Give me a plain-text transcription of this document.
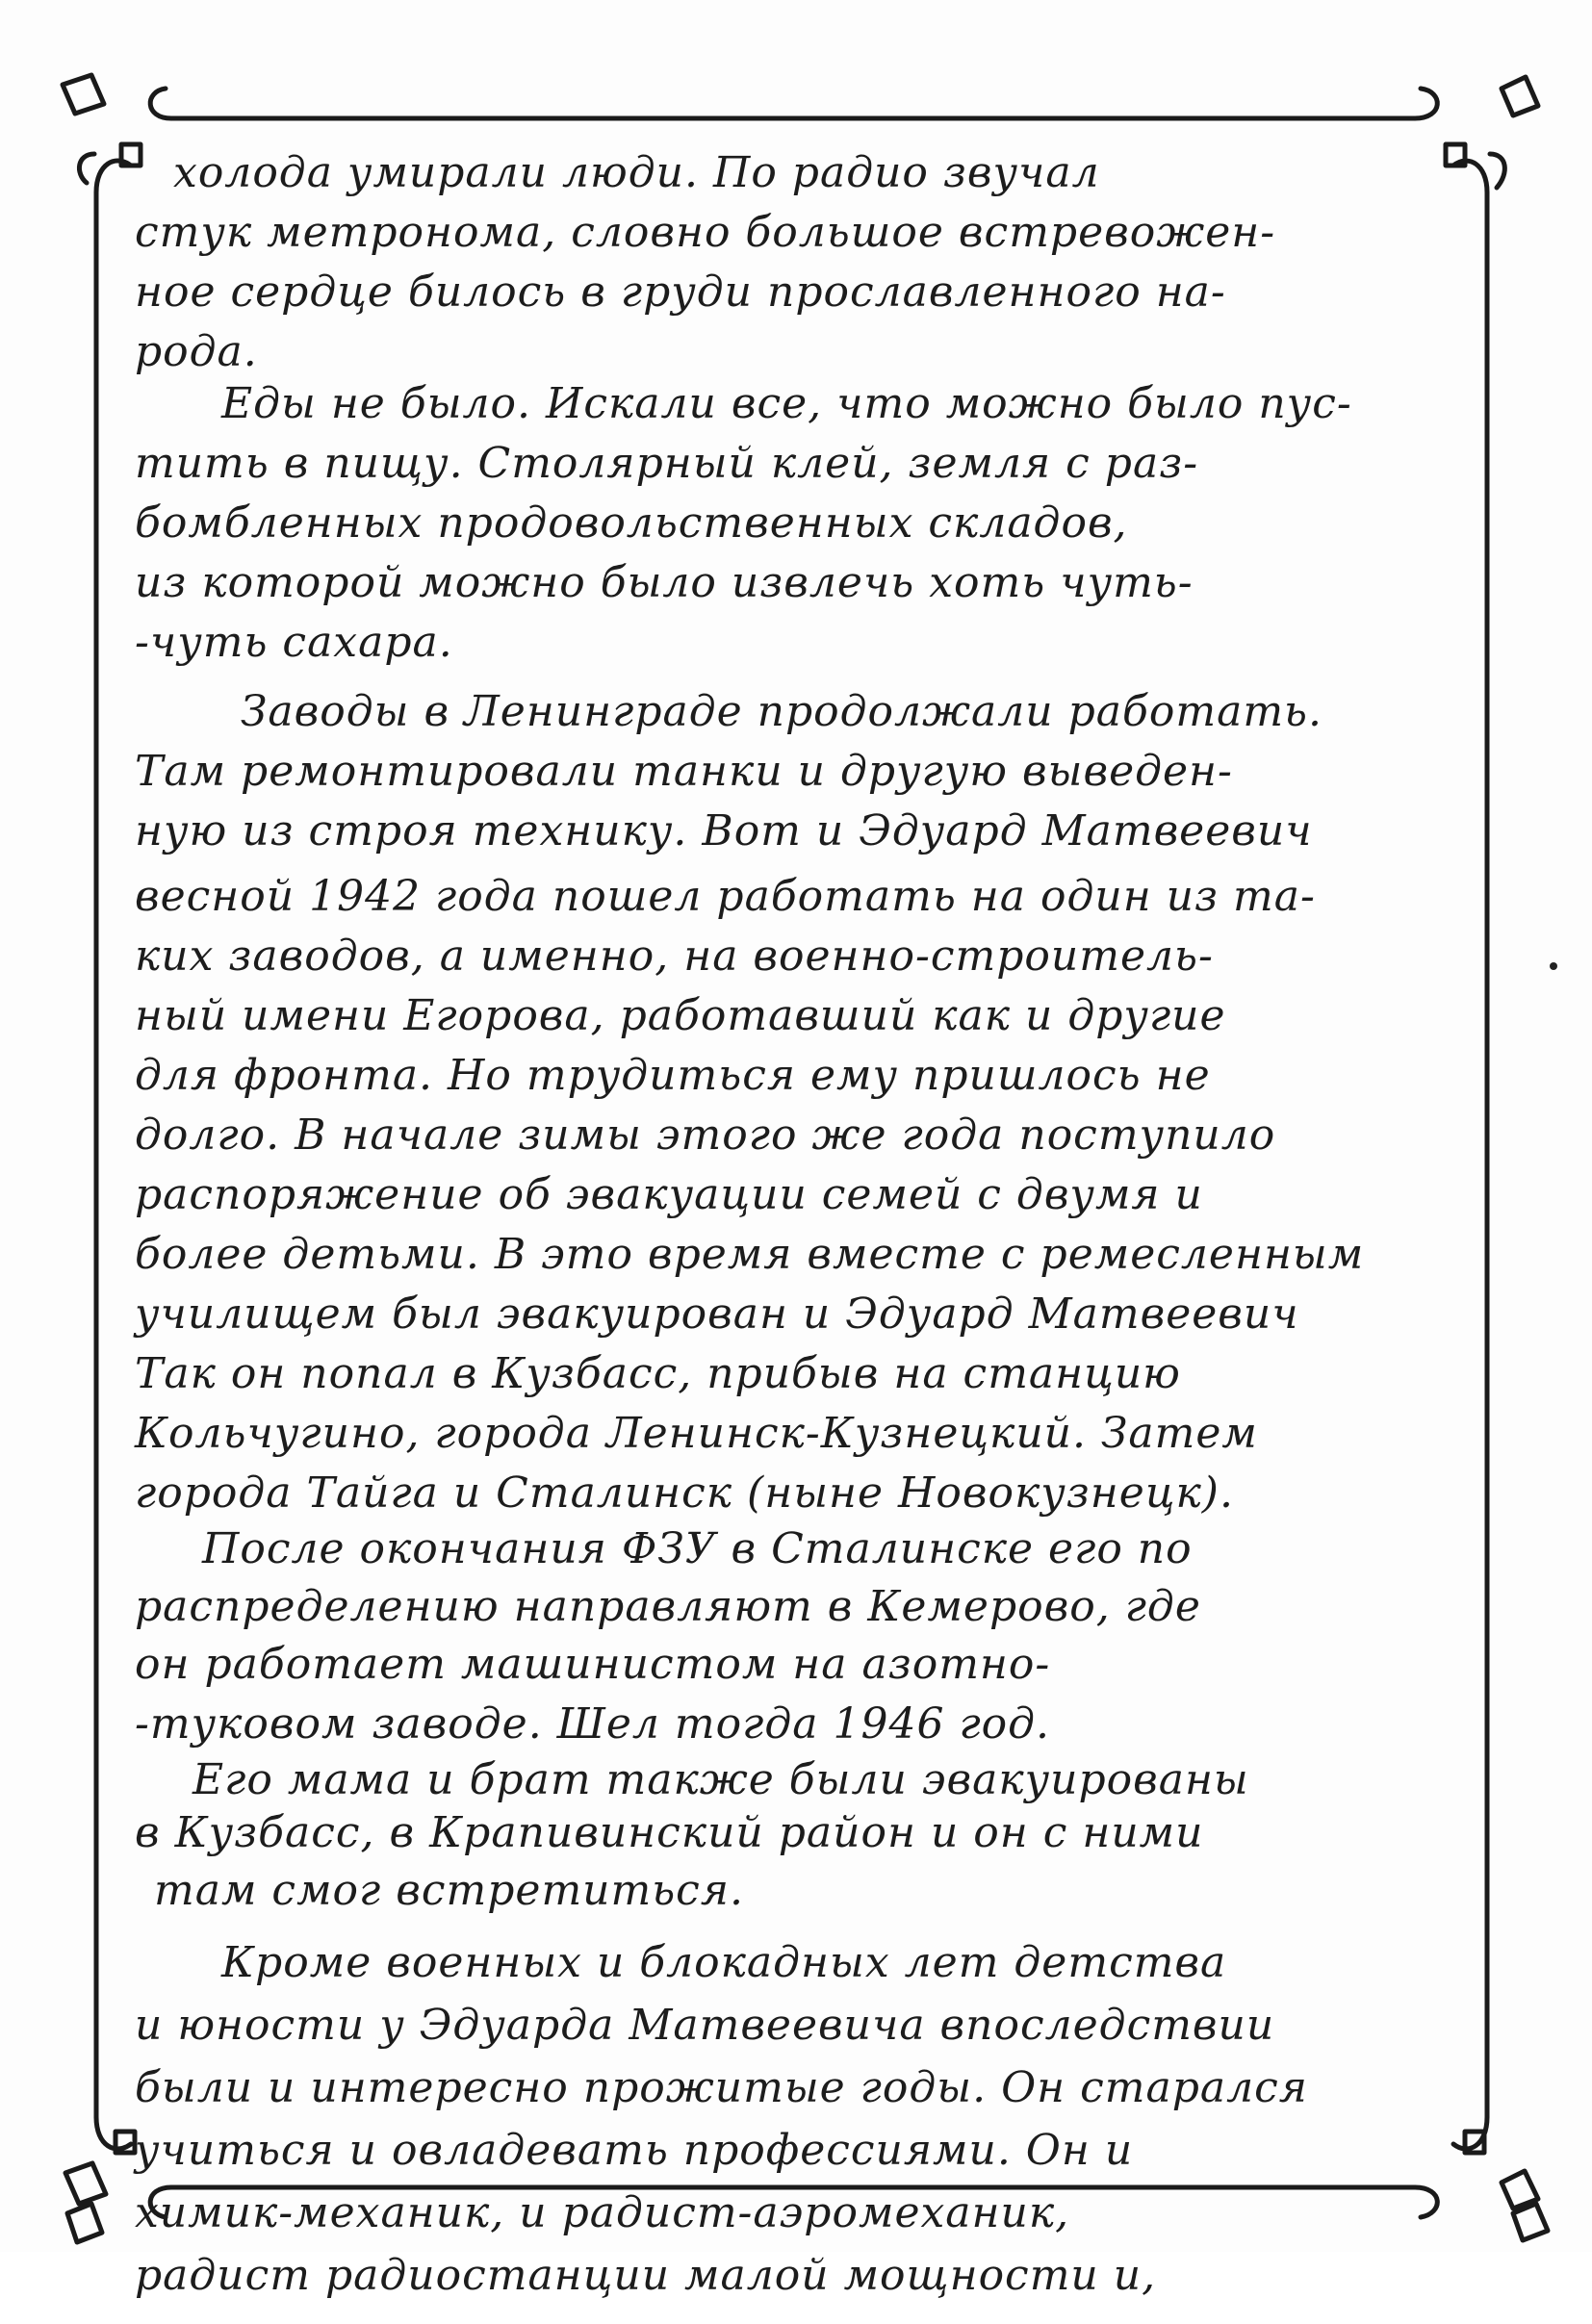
холода умирали люди. По радио звучал
стук метронома, словно большое встревожен-
ное сердце билось в груди прославленного на-
рода.
Еды не было. Искали все, что можно было пус-
тить в пищу. Столярный клей, земля с раз-
бомбленных продовольственных складов,
из которой можно было извлечь хоть чуть-
-чуть сахара.
Заводы в Ленинграде продолжали работать.
Там ремонтировали танки и другую выведен-
ную из строя технику. Вот и Эдуард Матвеевич
весной 1942 года пошел работать на один из та-
ких заводов, а именно, на военно-строитель-
ный имени Егорова, работавший как и другие
для фронта. Но трудиться ему пришлось не
долго. В начале зимы этого же года поступило
распоряжение об эвакуации семей с двумя и
более детьми. В это время вместе с ремесленным
училищем был эвакуирован и Эдуард Матвеевич
Так он попал в Кузбасс, прибыв на станцию
Кольчугино, города Ленинск-Кузнецкий. Затем
города Тайга и Сталинск (ныне Новокузнецк).
После окончания ФЗУ в Сталинске его по
распределению направляют в Кемерово, где
он работает машинистом на азотно-
-туковом заводе. Шел тогда 1946 год.
Его мама и брат также были эвакуированы
в Кузбасс, в Крапивинский район и он с ними
там смог встретиться.
Кроме военных и блокадных лет детства
и юности у Эдуарда Матвеевича впоследствии
были и интересно прожитые годы. Он старался
учиться и овладевать профессиями. Он и
химик-механик, и радист-аэромеханик,
радист радиостанции малой мощности и,
